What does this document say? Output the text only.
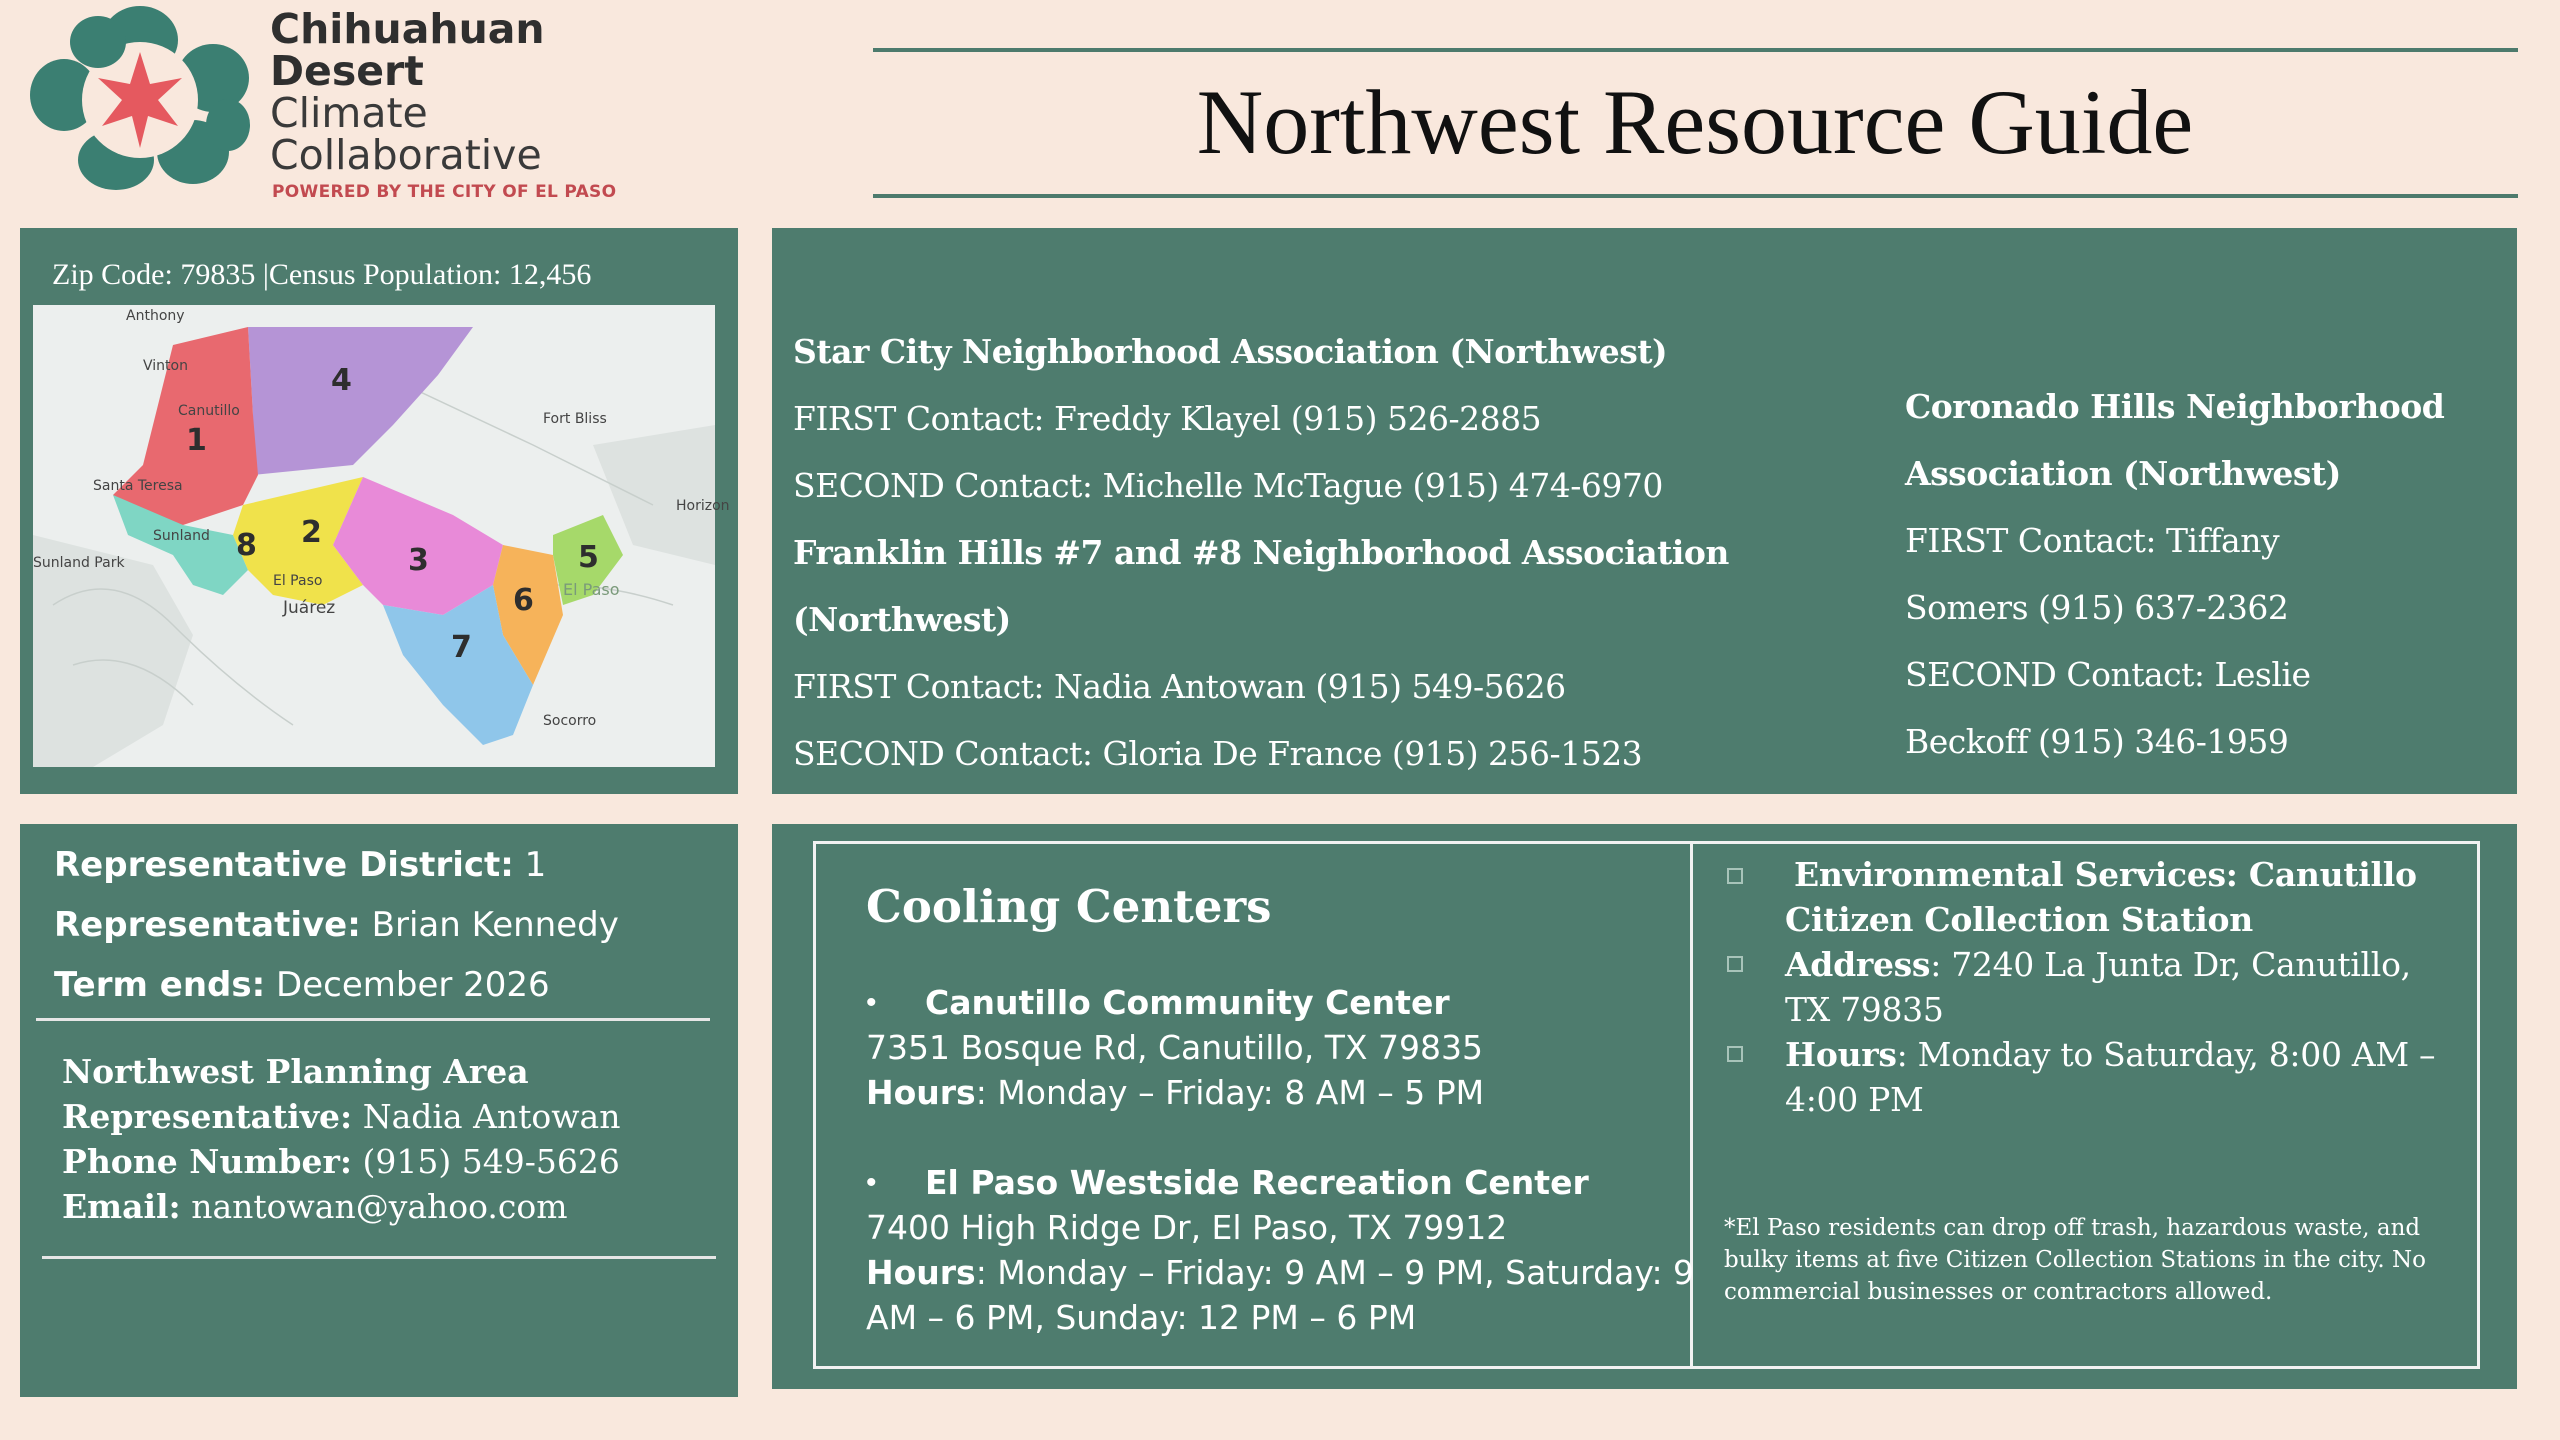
Chihuahuan
Desert
Climate
Collaborative
POWERED BY THE CITY OF EL PASO
Northwest Resource Guide
Zip Code: 79835 |Census Population: 12,456
1
2
3
4
5
6
7
8
Anthony
Vinton
Canutillo
Santa Teresa
Sunland
Sunland Park
El Paso
Juárez
Fort Bliss
Horizon
Socorro
El Paso
Star City Neighborhood Association (Northwest)
FIRST Contact: Freddy Klayel (915) 526-2885
SECOND Contact: Michelle McTague (915) 474-6970
Franklin Hills #7 and #8 Neighborhood Association
(Northwest)
FIRST Contact: Nadia Antowan (915) 549-5626
SECOND Contact: Gloria De France (915) 256-1523
Coronado Hills Neighborhood
Association (Northwest)
FIRST Contact: Tiffany
Somers (915) 637-2362
SECOND Contact: Leslie
Beckoff (915) 346-1959
Representative District: 1
Representative: Brian Kennedy
Term ends: December 2026
Northwest Planning Area
Representative: Nadia Antowan
Phone Number: (915) 549-5626
Email: nantowan@yahoo.com
Cooling Centers
• Canutillo Community Center
7351 Bosque Rd, Canutillo, TX 79835
Hours: Monday – Friday: 8 AM – 5 PM
• El Paso Westside Recreation Center
7400 High Ridge Dr, El Paso, TX 79912
Hours: Monday – Friday: 9 AM – 9 PM, Saturday: 9
AM – 6 PM, Sunday: 12 PM – 6 PM
Environmental Services: Canutillo
Citizen Collection Station
Address: 7240 La Junta Dr, Canutillo,
TX 79835
Hours: Monday to Saturday, 8:00 AM –
4:00 PM
*El Paso residents can drop off trash, hazardous waste, and
bulky items at five Citizen Collection Stations in the city. No
commercial businesses or contractors allowed.
